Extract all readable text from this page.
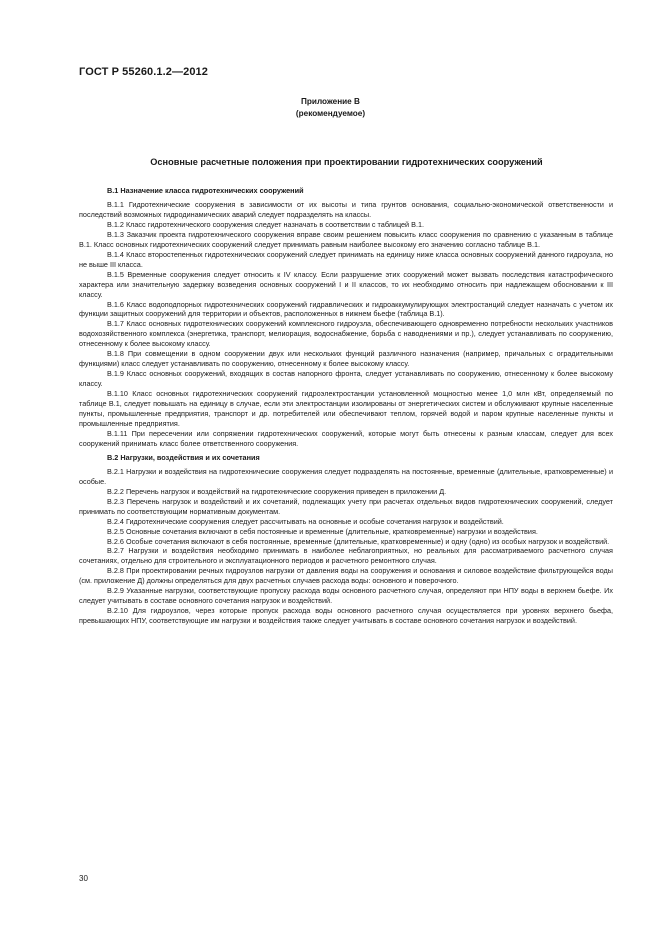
ГОСТ Р 55260.1.2—2012
Приложение В
(рекомендуемое)
Основные расчетные положения при проектировании гидротехнических сооружений
В.1 Назначение класса гидротехнических сооружений

В.1.1 Гидротехнические сооружения в зависимости от их высоты и типа грунтов основания, социально-экономической ответственности и последствий возможных гидродинамических аварий следует подразделять на классы.

В.1.2 Класс гидротехнического сооружения следует назначать в соответствии с таблицей В.1.

В.1.3 Заказчик проекта гидротехнического сооружения вправе своим решением повысить класс сооружения по сравнению с указанным в таблице В.1. Класс основных гидротехнических сооружений следует принимать равным наиболее высокому его значению согласно таблице В.1.

В.1.4 Класс второстепенных гидротехнических сооружений следует принимать на единицу ниже класса основных сооружений данного гидроузла, но не выше III класса.

В.1.5 Временные сооружения следует относить к IV классу. Если разрушение этих сооружений может вызвать последствия катастрофического характера или значительную задержку возведения основных сооружений I и II классов, то их необходимо относить при надлежащем обосновании к III классу.

В.1.6 Класс водоподпорных гидротехнических сооружений гидравлических и гидроаккумулирующих электростанций следует назначать с учетом их функции защитных сооружений для территории и объектов, расположенных в нижнем бьефе (таблица В.1).

В.1.7 Класс основных гидротехнических сооружений комплексного гидроузла, обеспечивающего одновременно потребности нескольких участников водохозяйственного комплекса (энергетика, транспорт, мелиорация, водоснабжение, борьба с наводнениями и пр.), следует устанавливать по сооружению, отнесенному к более высокому классу.

В.1.8 При совмещении в одном сооружении двух или нескольких функций различного назначения (например, причальных с оградительными функциями) класс следует устанавливать по сооружению, отнесенному к более высокому классу.

В.1.9 Класс основных сооружений, входящих в состав напорного фронта, следует устанавливать по сооружению, отнесенному к более высокому классу.

В.1.10 Класс основных гидротехнических сооружений гидроэлектростанции установленной мощностью менее 1,0 млн кВт, определяемый по таблице В.1, следует повышать на единицу в случае, если эти электростанции изолированы от энергетических систем и обслуживают крупные населенные пункты, промышленные предприятия, транспорт и др. потребителей или обеспечивают теплом, горячей водой и паром крупные населенные пункты и промышленные предприятия.

В.1.11 При пересечении или сопряжении гидротехнических сооружений, которые могут быть отнесены к разным классам, следует для всех сооружений принимать класс более ответственного сооружения.

В.2 Нагрузки, воздействия и их сочетания

В.2.1 Нагрузки и воздействия на гидротехнические сооружения следует подразделять на постоянные, временные (длительные, кратковременные) и особые.

В.2.2 Перечень нагрузок и воздействий на гидротехнические сооружения приведен в приложении Д.

В.2.3 Перечень нагрузок и воздействий и их сочетаний, подлежащих учету при расчетах отдельных видов гидротехнических сооружений, следует принимать по соответствующим нормативным документам.

В.2.4 Гидротехнические сооружения следует рассчитывать на основные и особые сочетания нагрузок и воздействий.

В.2.5 Основные сочетания включают в себя постоянные и временные (длительные, кратковременные) нагрузки и воздействия.

В.2.6 Особые сочетания включают в себя постоянные, временные (длительные, кратковременные) и одну (одно) из особых нагрузок и воздействий.

В.2.7 Нагрузки и воздействия необходимо принимать в наиболее неблагоприятных, но реальных для рассматриваемого расчетного случая сочетаниях, отдельно для строительного и эксплуатационного периодов и расчетного ремонтного случая.

В.2.8 При проектировании речных гидроузлов нагрузки от давления воды на сооружения и основания и силовое воздействие фильтрующейся воды (см. приложение Д) должны определяться для двух расчетных случаев расхода воды: основного и поверочного.

В.2.9 Указанные нагрузки, соответствующие пропуску расхода воды основного расчетного случая, определяют при НПУ воды в верхнем бьефе. Их следует учитывать в составе основного сочетания нагрузок и воздействий.

В.2.10 Для гидроузлов, через которые пропуск расхода воды основного расчетного случая осуществляется при уровнях верхнего бьефа, превышающих НПУ, соответствующие им нагрузки и воздействия также следует учитывать в составе основного сочетания нагрузок и воздействий.

30
